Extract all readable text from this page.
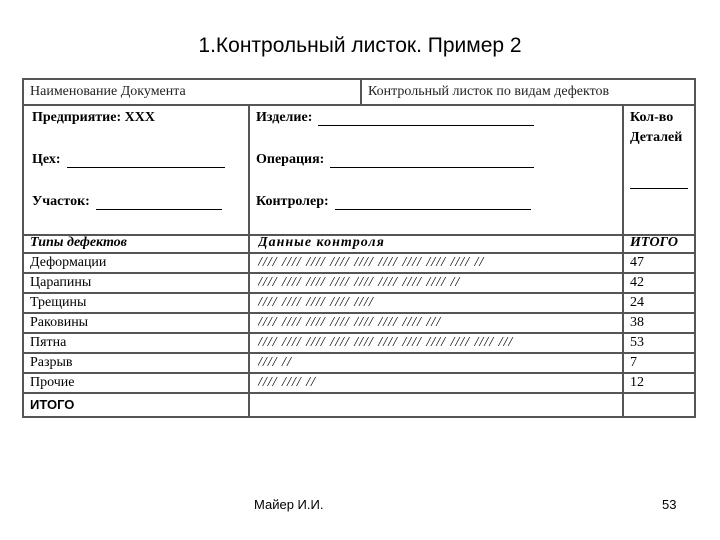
1.Контрольный листок. Пример 2
Наименование Документа	Контрольный листок по видам дефектов
Предприятие: XXX
Цех:
Участок:
Изделие:
Операция:
Контролер:
Кол-во
Деталей
Типы дефектов	Данные контроля	ИТОГО
Деформации	//// //// //// //// //// //// //// //// //// //	47
Царапины	//// //// //// //// //// //// //// //// //	42
Трещины	//// //// //// //// ////	24
Раковины	//// //// //// //// //// //// //// ///	38
Пятна	//// //// //// //// //// //// //// //// //// //// ///	53
Разрыв	//// //	7
Прочие	//// //// //	12
ИТОГО
Майер И.И.	53
